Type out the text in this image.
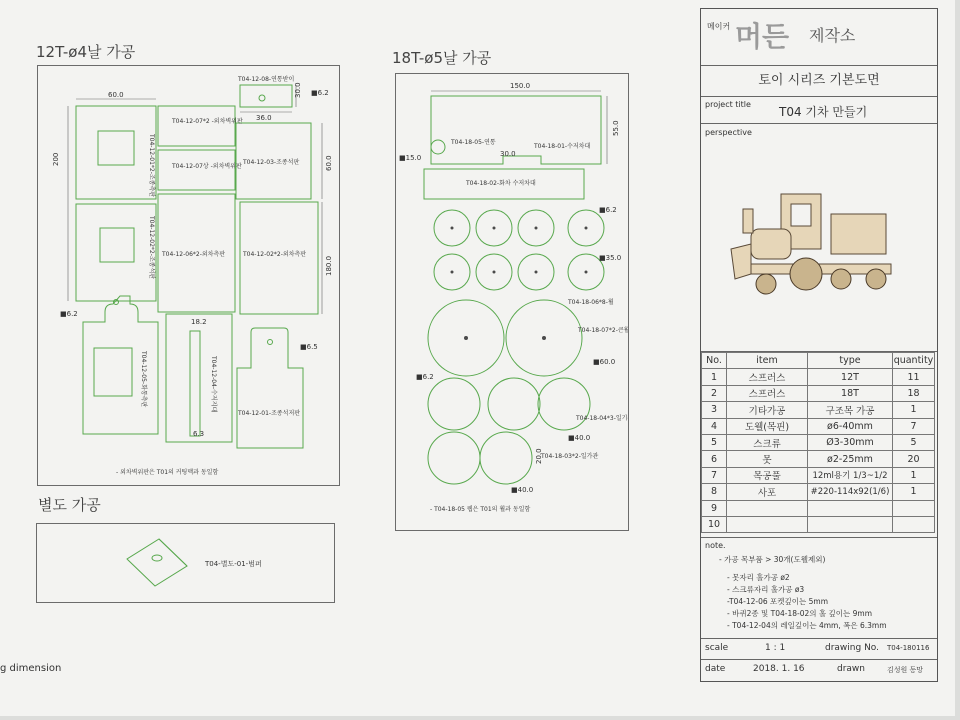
12T-ø4날 가공	18T-ø5날 가공
별도 가공
60.0
200
36.0
30.0 ■6.2
60.0
180.0
■6.2
18.2
6.3
■6.5
T04-12-08-연통받이
T04-12-07*2 -외차벽위판
T04-12-07상 -외차벽위판
T04-12-03-조종석판
T04-12-06*2-외차측판	T04-12-02*2-외차측판
T04-12-01-조종석저판
T04-12-01*2-조종측판
T04-12-02*2-조종석판
T04-12-05-화통측판	T04-12-04-수저지대
- 외차벽위판은 T01의 커팅맥과 동일함
150.0
55.0
■15.0	30.0
■6.2
■35.0
■60.0
■6.2
■40.0
20.0
■40.0
T04-18-05-연통
T04-18-01-수저차대
T04-18-02-화차 수저차대
T04-18-06*8-휠
T04-18-07*2-큰휠
T04-18-04*3-일기관
T04-18-03*2-일가관
- T04-18-05 웹은 T01의 휠과 동일함
T04-별도-01-범퍼
g dimension
메이커 머든 제작소
토이 시리즈 기본도면
project title
T04 기차 만들기
perspective
No.	item	type	quantity
1	스프러스	12T	11
2	스프러스	18T	18
3	기타가공	구조목 가공	1
4	도웰(목핀)	ø6-40mm	7
5	스크류	Ø3-30mm	5
6	못	ø2-25mm	20
7	목공풀	12ml용기 1/3~1/2	1
8	사포	#220-114x92(1/6)	1
9			
10			
note.
- 가공 목부품 > 30개(도웰제외)
- 못자리 홀가공 ø2
- 스크류자리 홀가공 ø3
-T04-12-06 포켓깊이는 5mm
- 바퀴2종 및 T04-18-02의 홀 깊이는 9mm
- T04-12-04의 레일깊이는 4mm, 폭은 6.3mm
scale	1 : 1	drawing No. T04-180116
date	2018. 1. 16	drawn	김성원 동망
